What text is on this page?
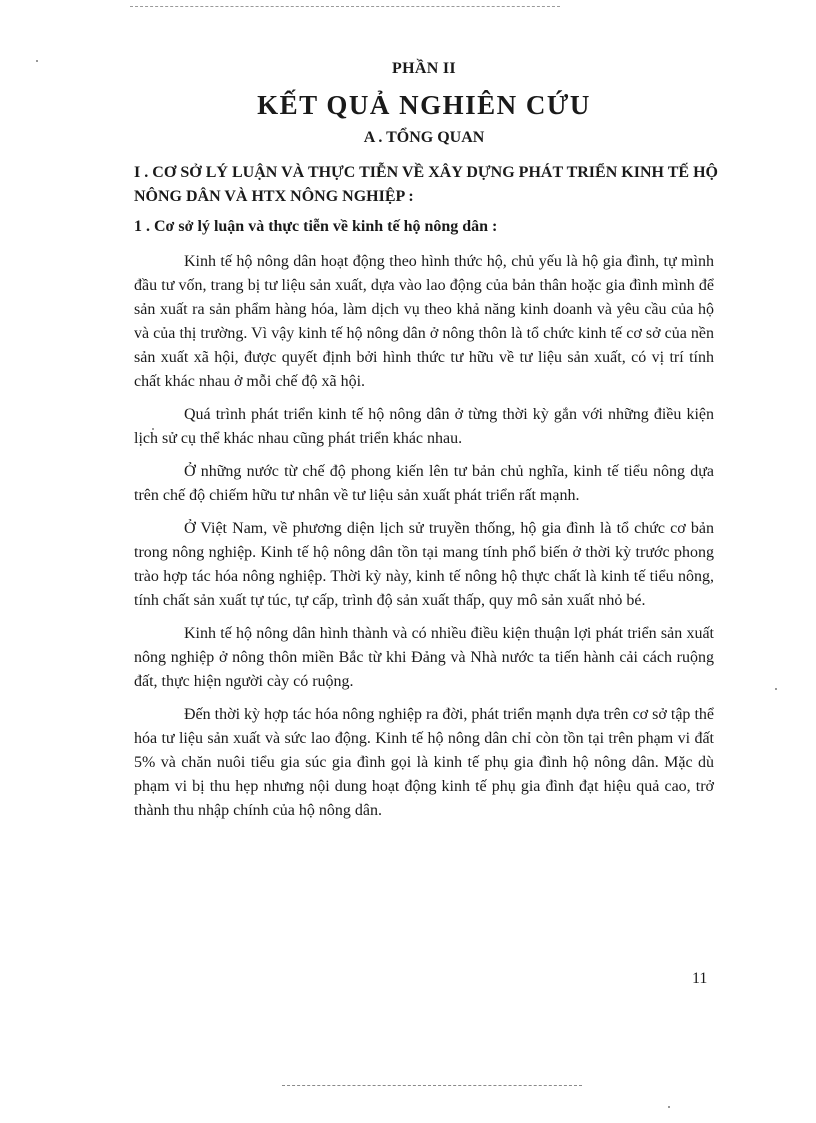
PHẦN II
KẾT QUẢ NGHIÊN CỨU
A . TỔNG QUAN
I . CƠ SỞ LÝ LUẬN VÀ THỰC TIỄN VỀ XÂY DỰNG PHÁT TRIỂN KINH TẾ HỘ NÔNG DÂN VÀ HTX NÔNG NGHIỆP :
1 . Cơ sở lý luận và thực tiễn về kinh tế hộ nông dân :

Kinh tế hộ nông dân hoạt động theo hình thức hộ, chủ yếu là hộ gia đình, tự mình đầu tư vốn, trang bị tư liệu sản xuất, dựa vào lao động của bản thân hoặc gia đình mình để sản xuất ra sản phẩm hàng hóa, làm dịch vụ theo khả năng kinh doanh và yêu cầu của hộ và của thị trường. Vì vậy kinh tế hộ nông dân ở nông thôn là tổ chức kinh tế cơ sở của nền sản xuất xã hội, được quyết định bởi hình thức tư hữu về tư liệu sản xuất, có vị trí tính chất khác nhau ở mỗi chế độ xã hội.

Quá trình phát triển kinh tế hộ nông dân ở từng thời kỳ gắn với những điều kiện lịch sử cụ thể khác nhau cũng phát triển khác nhau.

Ở những nước từ chế độ phong kiến lên tư bản chủ nghĩa, kinh tế tiểu nông dựa trên chế độ chiếm hữu tư nhân về tư liệu sản xuất phát triển rất mạnh.

Ở Việt Nam, về phương diện lịch sử truyền thống, hộ gia đình là tổ chức cơ bản trong nông nghiệp. Kinh tế hộ nông dân tồn tại mang tính phổ biến ở thời kỳ trước phong trào hợp tác hóa nông nghiệp. Thời kỳ này, kinh tế nông hộ thực chất là kinh tế tiểu nông, tính chất sản xuất tự túc, tự cấp, trình độ sản xuất thấp, quy mô sản xuất nhỏ bé.

Kinh tế hộ nông dân hình thành và có nhiều điều kiện thuận lợi phát triển sản xuất nông nghiệp ở nông thôn miền Bắc từ khi Đảng và Nhà nước ta tiến hành cải cách ruộng đất, thực hiện người cày có ruộng.

Đến thời kỳ hợp tác hóa nông nghiệp ra đời, phát triển mạnh dựa trên cơ sở tập thể hóa tư liệu sản xuất và sức lao động. Kinh tế hộ nông dân chỉ còn tồn tại trên phạm vi đất 5% và chăn nuôi tiểu gia súc gia đình gọi là kinh tế phụ gia đình hộ nông dân. Mặc dù phạm vi bị thu hẹp nhưng nội dung hoạt động kinh tế phụ gia đình đạt hiệu quả cao, trở thành thu nhập chính của hộ nông dân.

11
